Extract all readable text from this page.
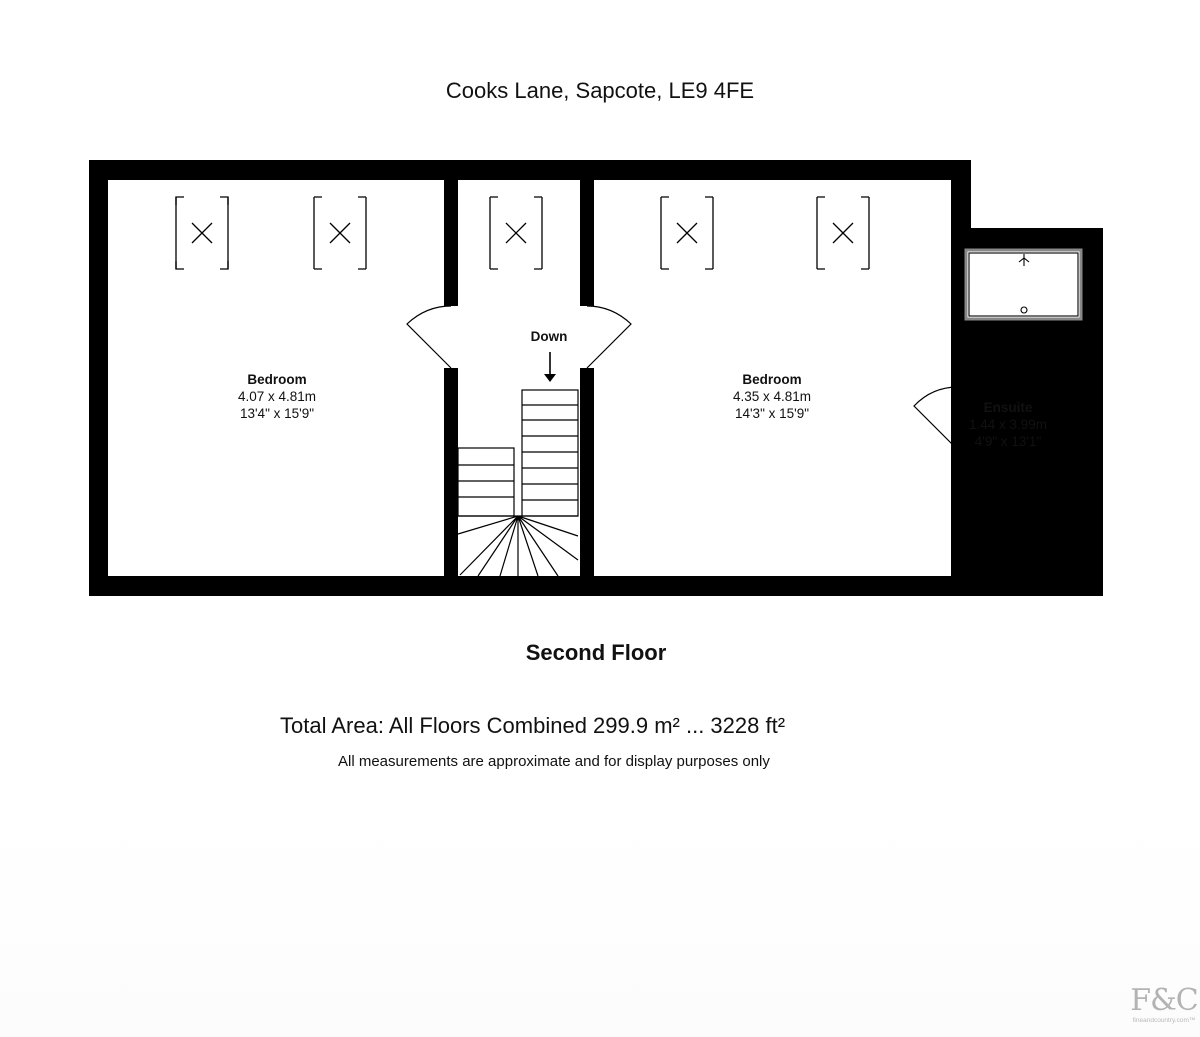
Cooks Lane, Sapcote, LE9 4FE
Bedroom
4.07 x 4.81m
13'4" x 15'9"
Bedroom
4.35 x 4.81m
14'3" x 15'9"	Ensuite
1.44 x 3.99m
4'9" x 13'1"
Down
Second Floor
Total Area: All Floors Combined 299.9 m² ... 3228 ft²
All measurements are approximate and for display purposes only
F&C
fineandcountry.com™
